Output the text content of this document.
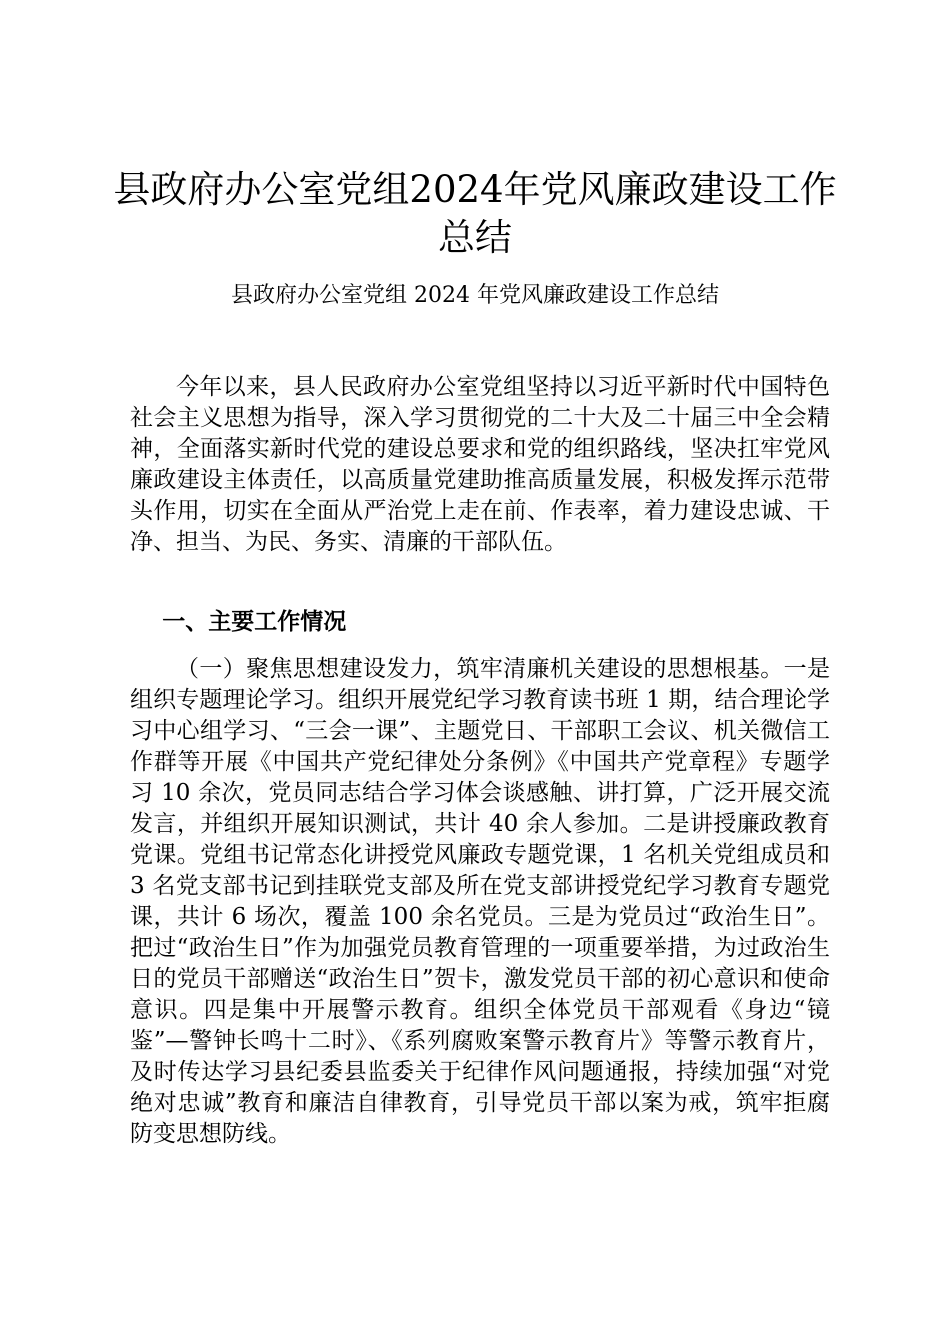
县政府办公室党组2024年党风廉政建设工作总结

县政府办公室党组 2024 年党风廉政建设工作总结

今年以来，县人民政府办公室党组坚持以习近平新时代中国特色社会主义思想为指导，深入学习贯彻党的二十大及二十届三中全会精神，全面落实新时代党的建设总要求和党的组织路线，坚决扛牢党风廉政建设主体责任，以高质量党建助推高质量发展，积极发挥示范带头作用，切实在全面从严治党上走在前、作表率，着力建设忠诚、干净、担当、为民、务实、清廉的干部队伍。

一、主要工作情况

（一）聚焦思想建设发力，筑牢清廉机关建设的思想根基。一是组织专题理论学习。组织开展党纪学习教育读书班 1 期，结合理论学习中心组学习、“三会一课”、主题党日、干部职工会议、机关微信工作群等开展《中国共产党纪律处分条例》《中国共产党章程》专题学习 10 余次，党员同志结合学习体会谈感触、讲打算，广泛开展交流发言，并组织开展知识测试，共计 40 余人参加。二是讲授廉政教育党课。党组书记常态化讲授党风廉政专题党课，1 名机关党组成员和 3 名党支部书记到挂联党支部及所在党支部讲授党纪学习教育专题党课，共计 6 场次，覆盖 100 余名党员。三是为党员过“政治生日”。把过“政治生日”作为加强党员教育管理的一项重要举措，为过政治生日的党员干部赠送“政治生日”贺卡，激发党员干部的初心意识和使命意识。四是集中开展警示教育。组织全体党员干部观看《身边“镜鉴”—警钟长鸣十二时》、《系列腐败案警示教育片》等警示教育片，及时传达学习县纪委县监委关于纪律作风问题通报，持续加强“对党绝对忠诚”教育和廉洁自律教育，引导党员干部以案为戒，筑牢拒腐防变思想防线。
